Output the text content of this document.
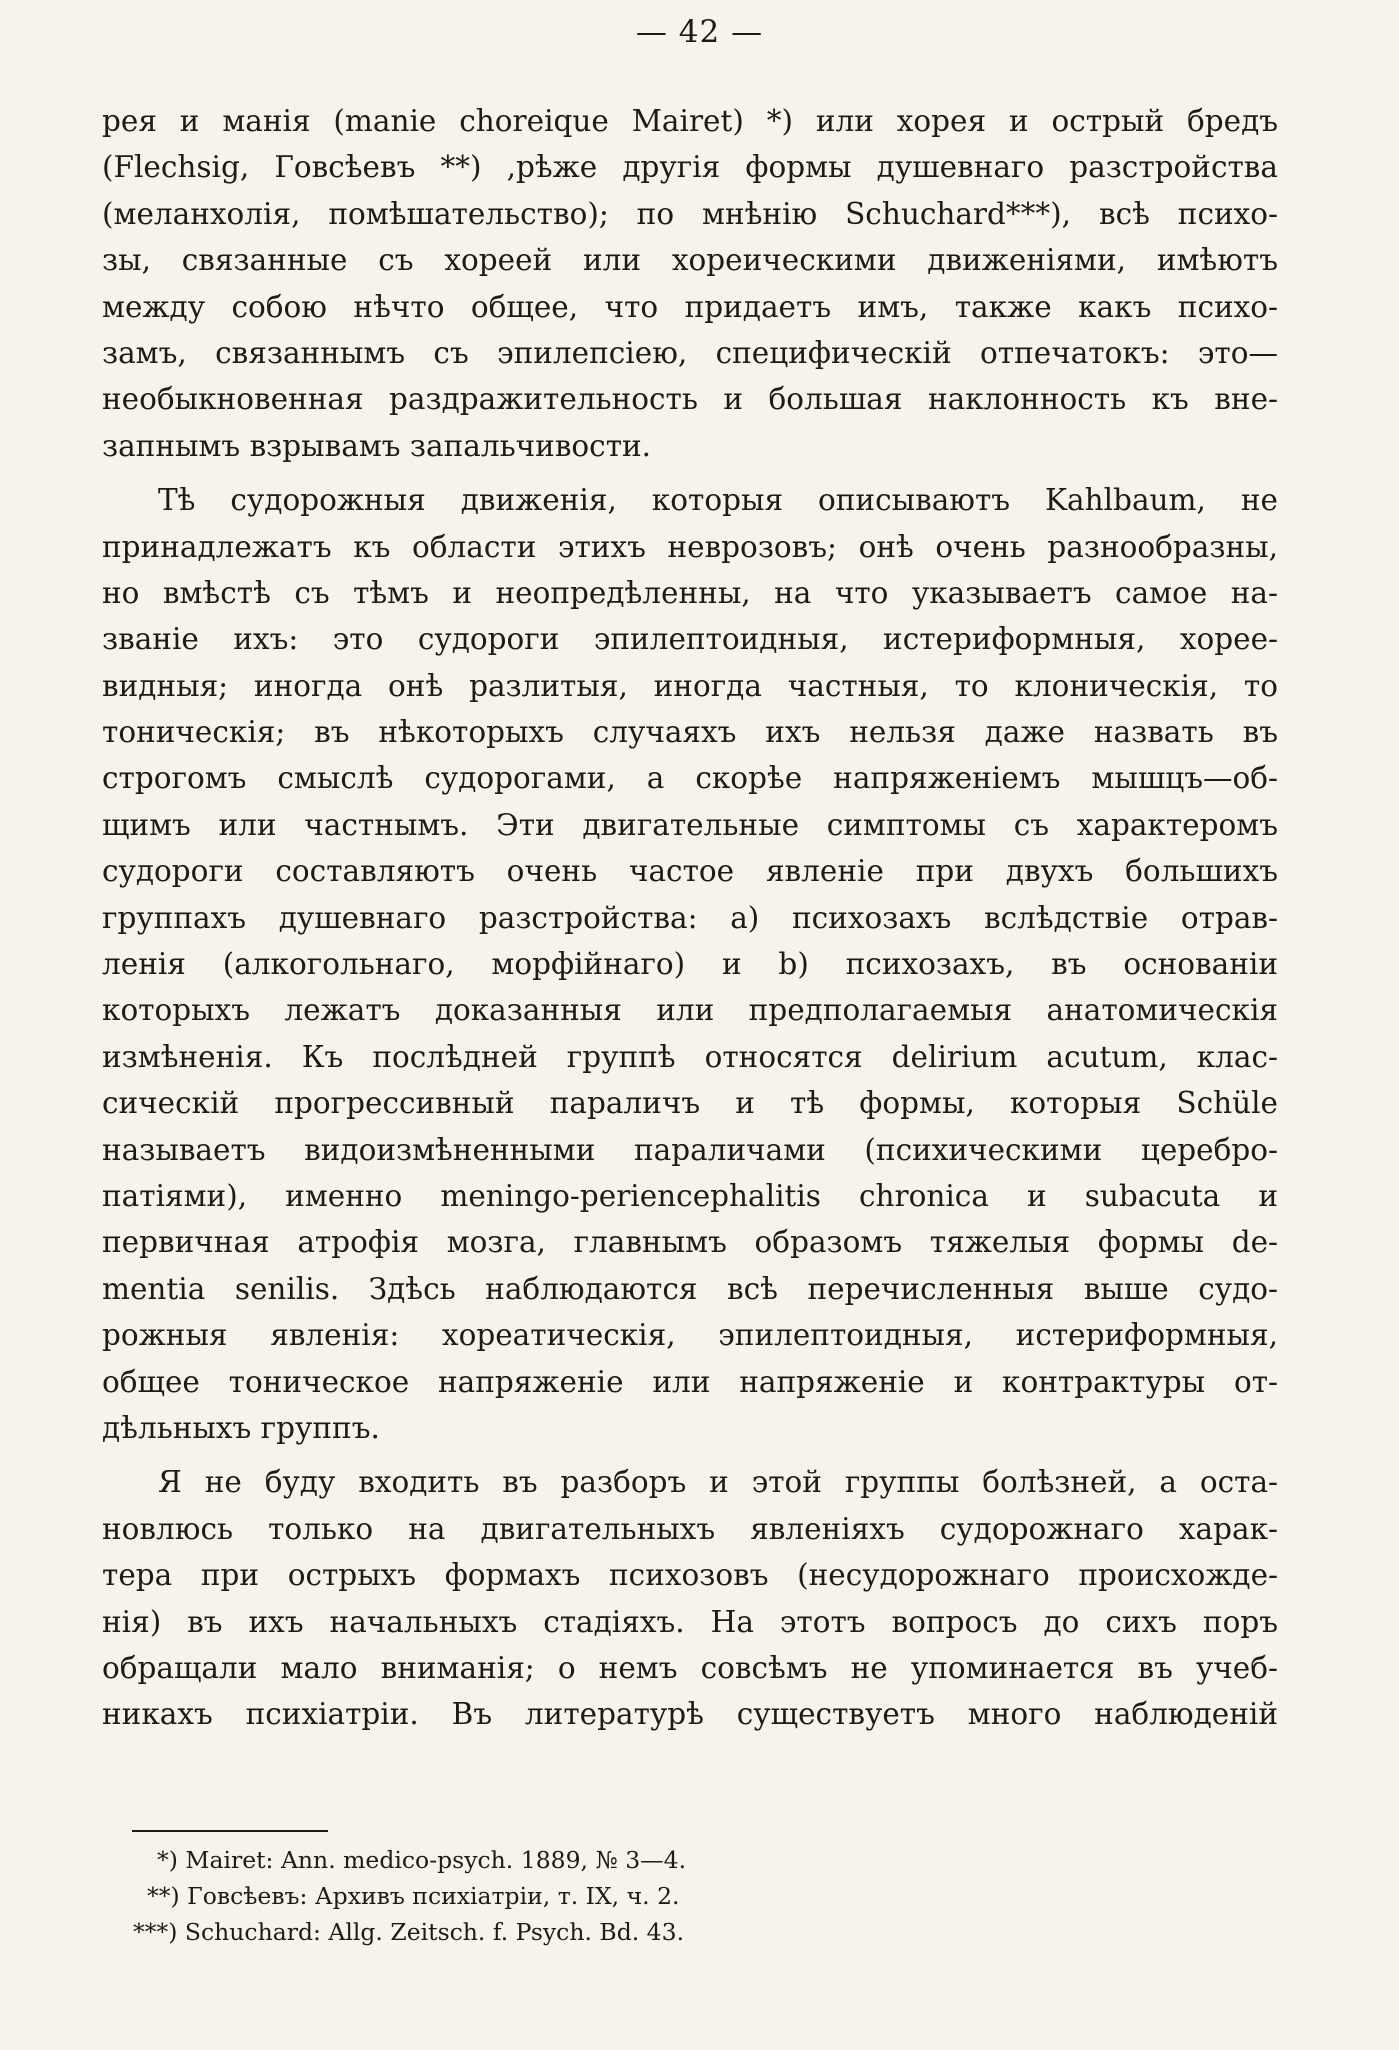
— 42 —
рея и манія (manie choreique Mairet) *) или хорея и острый бредъ
(Flechsig, Говсѣевъ **) ,рѣже другія формы душевнаго разстройства
(меланхолія, помѣшательство); по мнѣнію Schuchard***), всѣ психо-
зы, связанные съ хореей или хореическими движеніями, имѣютъ
между собою нѣчто общее, что придаетъ имъ, также какъ психо-
замъ, связаннымъ съ эпилепсіею, специфическій отпечатокъ: это—
необыкновенная раздражительность и большая наклонность къ вне-
запнымъ взрывамъ запальчивости.
Тѣ судорожныя движенія, которыя описываютъ Kahlbaum, не
принадлежатъ къ области этихъ неврозовъ; онѣ очень разнообразны,
но вмѣстѣ съ тѣмъ и неопредѣленны, на что указываетъ самое на-
званіе ихъ: это судороги эпилептоидныя, истериформныя, хорее-
видныя; иногда онѣ разлитыя, иногда частныя, то клоническія, то
тоническія; въ нѣкоторыхъ случаяхъ ихъ нельзя даже назвать въ
строгомъ смыслѣ судорогами, а скорѣе напряженіемъ мышцъ—об-
щимъ или частнымъ. Эти двигательные симптомы съ характеромъ
судороги составляютъ очень частое явленіе при двухъ большихъ
группахъ душевнаго разстройства: a) психозахъ вслѣдствіе отрав-
ленія (алкогольнаго, морфійнаго) и b) психозахъ, въ основаніи
которыхъ лежатъ доказанныя или предполагаемыя анатомическія
измѣненія. Къ послѣдней группѣ относятся delirium acutum, клас-
сическій прогрессивный параличъ и тѣ формы, которыя Schüle
называетъ видоизмѣненными параличами (психическими церебро-
патіями), именно meningo-periencephalitis chronica и subacuta и
первичная атрофія мозга, главнымъ образомъ тяжелыя формы de-
mentia senilis. Здѣсь наблюдаются всѣ перечисленныя выше судо-
рожныя явленія: хореатическія, эпилептоидныя, истериформныя,
общее тоническое напряженіе или напряженіе и контрактуры от-
дѣльныхъ группъ.
Я не буду входить въ разборъ и этой группы болѣзней, а оста-
новлюсь только на двигательныхъ явленіяхъ судорожнаго харак-
тера при острыхъ формахъ психозовъ (несудорожнаго происхожде-
нія) въ ихъ начальныхъ стадіяхъ. На этотъ вопросъ до сихъ поръ
обращали мало вниманія; о немъ совсѣмъ не упоминается въ учеб-
никахъ психіатріи. Въ литературѣ существуетъ много наблюденій
*) Mairet: Ann. medico-psych. 1889, № 3—4.
**) Говсѣевъ: Архивъ психіатріи, т. IX, ч. 2.
***) Schuchard: Allg. Zeitsch. f. Psych. Bd. 43.
